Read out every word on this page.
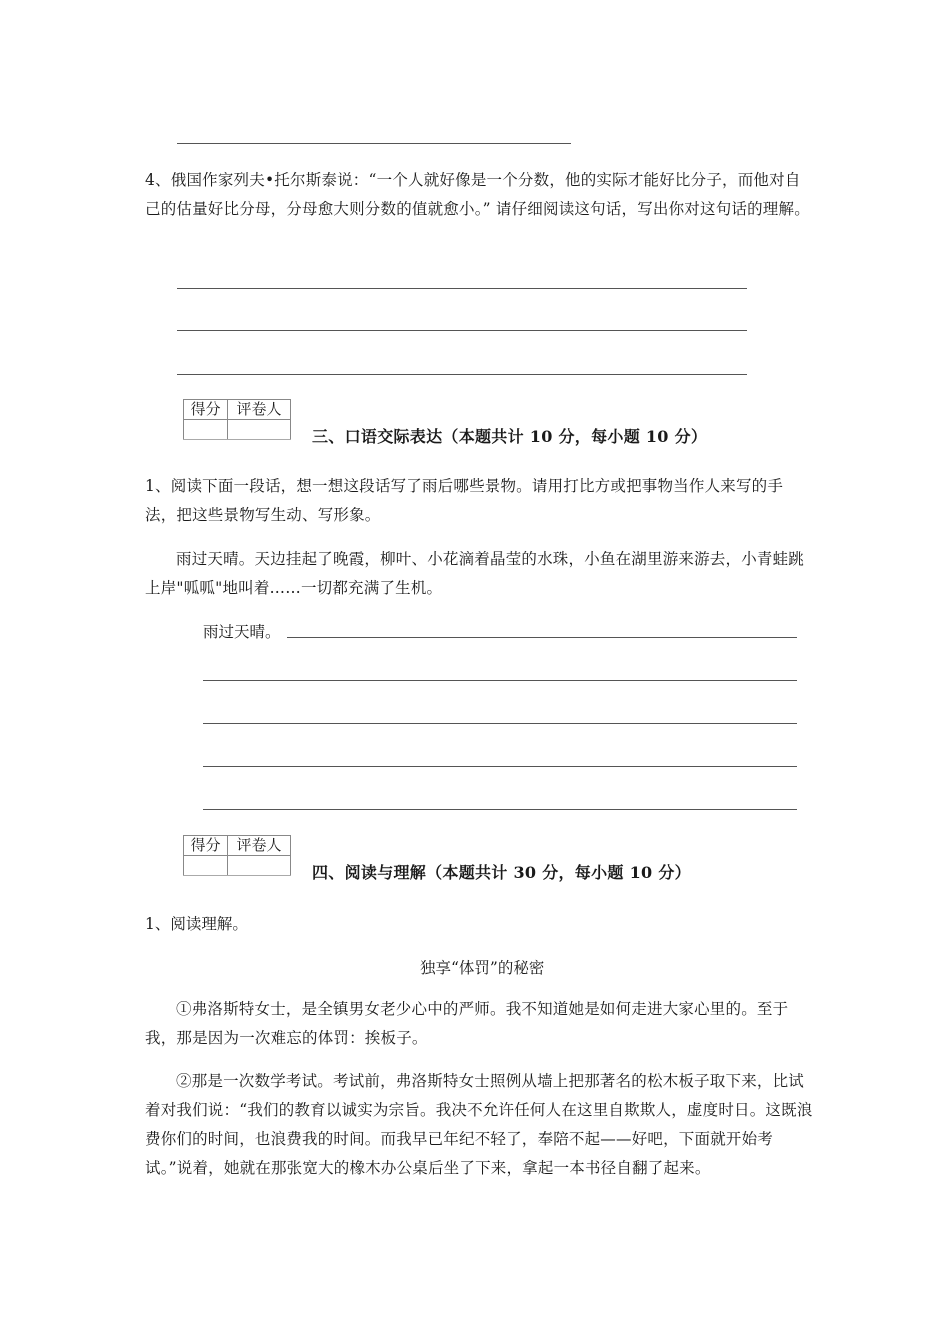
4、俄国作家列夫•托尔斯泰说：“一个人就好像是一个分数，他的实际才能好比分子，而他对自己的估量好比分母，分母愈大则分数的值就愈小。” 请仔细阅读这句话，写出你对这句话的理解。
得分	评卷人

三、口语交际表达（本题共计 10 分，每小题 10 分）
1、阅读下面一段话，想一想这段话写了雨后哪些景物。请用打比方或把事物当作人来写的手法，把这些景物写生动、写形象。
雨过天晴。天边挂起了晚霞，柳叶、小花滴着晶莹的水珠，小鱼在湖里游来游去，小青蛙跳上岸"呱呱"地叫着……一切都充满了生机。
雨过天晴。
得分	评卷人

四、阅读与理解（本题共计 30 分，每小题 10 分）
1、阅读理解。
独享“体罚”的秘密
①弗洛斯特女士，是全镇男女老少心中的严师。我不知道她是如何走进大家心里的。至于我，那是因为一次难忘的体罚：挨板子。
②那是一次数学考试。考试前，弗洛斯特女士照例从墙上把那著名的松木板子取下来，比试着对我们说：“我们的教育以诚实为宗旨。我决不允许任何人在这里自欺欺人，虚度时日。这既浪费你们的时间，也浪费我的时间。而我早已年纪不轻了，奉陪不起——好吧，下面就开始考试。”说着，她就在那张宽大的橡木办公桌后坐了下来，拿起一本书径自翻了起来。
